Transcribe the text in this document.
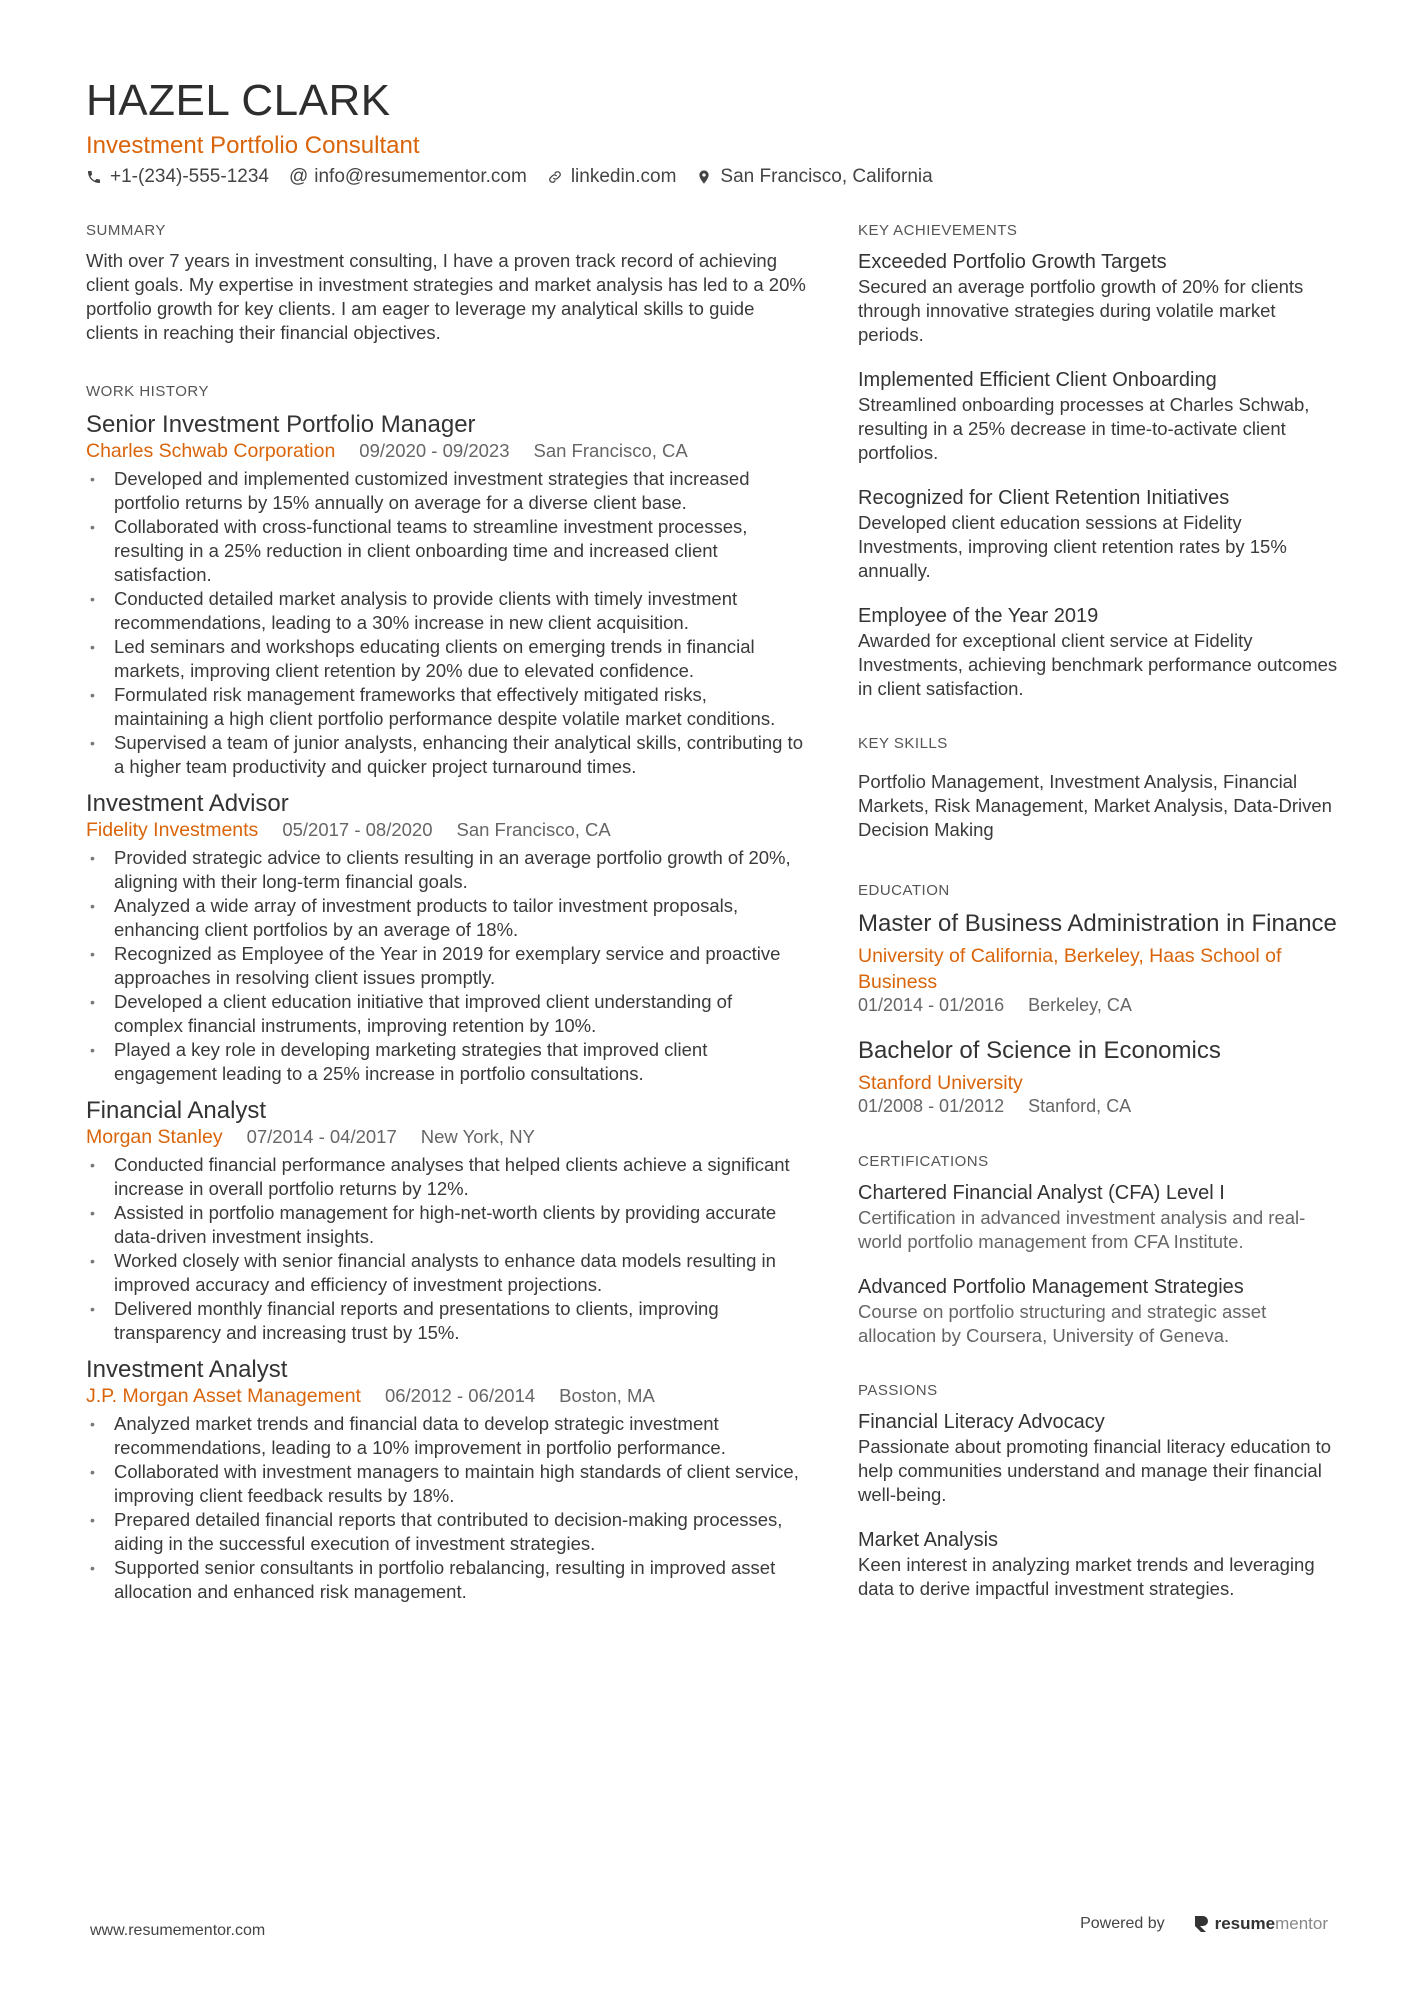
HAZEL CLARK
Investment Portfolio Consultant
+1-(234)-555-1234 @ info@resumementor.com linkedin.com San Francisco, California
SUMMARY
With over 7 years in investment consulting, I have a proven track record of achieving client goals. My expertise in investment strategies and market analysis has led to a 20% portfolio growth for key clients. I am eager to leverage my analytical skills to guide clients in reaching their financial objectives.
WORK HISTORY
Senior Investment Portfolio Manager
Charles Schwab Corporation 09/2020 - 09/2023 San Francisco, CA
• Developed and implemented customized investment strategies that increased portfolio returns by 15% annually on average for a diverse client base.
• Collaborated with cross-functional teams to streamline investment processes, resulting in a 25% reduction in client onboarding time and increased client satisfaction.
• Conducted detailed market analysis to provide clients with timely investment recommendations, leading to a 30% increase in new client acquisition.
• Led seminars and workshops educating clients on emerging trends in financial markets, improving client retention by 20% due to elevated confidence.
• Formulated risk management frameworks that effectively mitigated risks, maintaining a high client portfolio performance despite volatile market conditions.
• Supervised a team of junior analysts, enhancing their analytical skills, contributing to a higher team productivity and quicker project turnaround times.
Investment Advisor
Fidelity Investments 05/2017 - 08/2020 San Francisco, CA
• Provided strategic advice to clients resulting in an average portfolio growth of 20%, aligning with their long-term financial goals.
• Analyzed a wide array of investment products to tailor investment proposals, enhancing client portfolios by an average of 18%.
• Recognized as Employee of the Year in 2019 for exemplary service and proactive approaches in resolving client issues promptly.
• Developed a client education initiative that improved client understanding of complex financial instruments, improving retention by 10%.
• Played a key role in developing marketing strategies that improved client engagement leading to a 25% increase in portfolio consultations.
Financial Analyst
Morgan Stanley 07/2014 - 04/2017 New York, NY
• Conducted financial performance analyses that helped clients achieve a significant increase in overall portfolio returns by 12%.
• Assisted in portfolio management for high-net-worth clients by providing accurate data-driven investment insights.
• Worked closely with senior financial analysts to enhance data models resulting in improved accuracy and efficiency of investment projections.
• Delivered monthly financial reports and presentations to clients, improving transparency and increasing trust by 15%.
Investment Analyst
J.P. Morgan Asset Management 06/2012 - 06/2014 Boston, MA
• Analyzed market trends and financial data to develop strategic investment recommendations, leading to a 10% improvement in portfolio performance.
• Collaborated with investment managers to maintain high standards of client service, improving client feedback results by 18%.
• Prepared detailed financial reports that contributed to decision-making processes, aiding in the successful execution of investment strategies.
• Supported senior consultants in portfolio rebalancing, resulting in improved asset allocation and enhanced risk management.
KEY ACHIEVEMENTS
Exceeded Portfolio Growth Targets
Secured an average portfolio growth of 20% for clients through innovative strategies during volatile market periods.
Implemented Efficient Client Onboarding
Streamlined onboarding processes at Charles Schwab, resulting in a 25% decrease in time-to-activate client portfolios.
Recognized for Client Retention Initiatives
Developed client education sessions at Fidelity Investments, improving client retention rates by 15% annually.
Employee of the Year 2019
Awarded for exceptional client service at Fidelity Investments, achieving benchmark performance outcomes in client satisfaction.
KEY SKILLS
Portfolio Management, Investment Analysis, Financial Markets, Risk Management, Market Analysis, Data-Driven Decision Making
EDUCATION
Master of Business Administration in Finance
University of California, Berkeley, Haas School of Business
01/2014 - 01/2016 Berkeley, CA
Bachelor of Science in Economics
Stanford University
01/2008 - 01/2012 Stanford, CA
CERTIFICATIONS
Chartered Financial Analyst (CFA) Level I
Certification in advanced investment analysis and real-world portfolio management from CFA Institute.
Advanced Portfolio Management Strategies
Course on portfolio structuring and strategic asset allocation by Coursera, University of Geneva.
PASSIONS
Financial Literacy Advocacy
Passionate about promoting financial literacy education to help communities understand and manage their financial well-being.
Market Analysis
Keen interest in analyzing market trends and leveraging data to derive impactful investment strategies.
www.resumementor.com	Powered by	resume mentor
